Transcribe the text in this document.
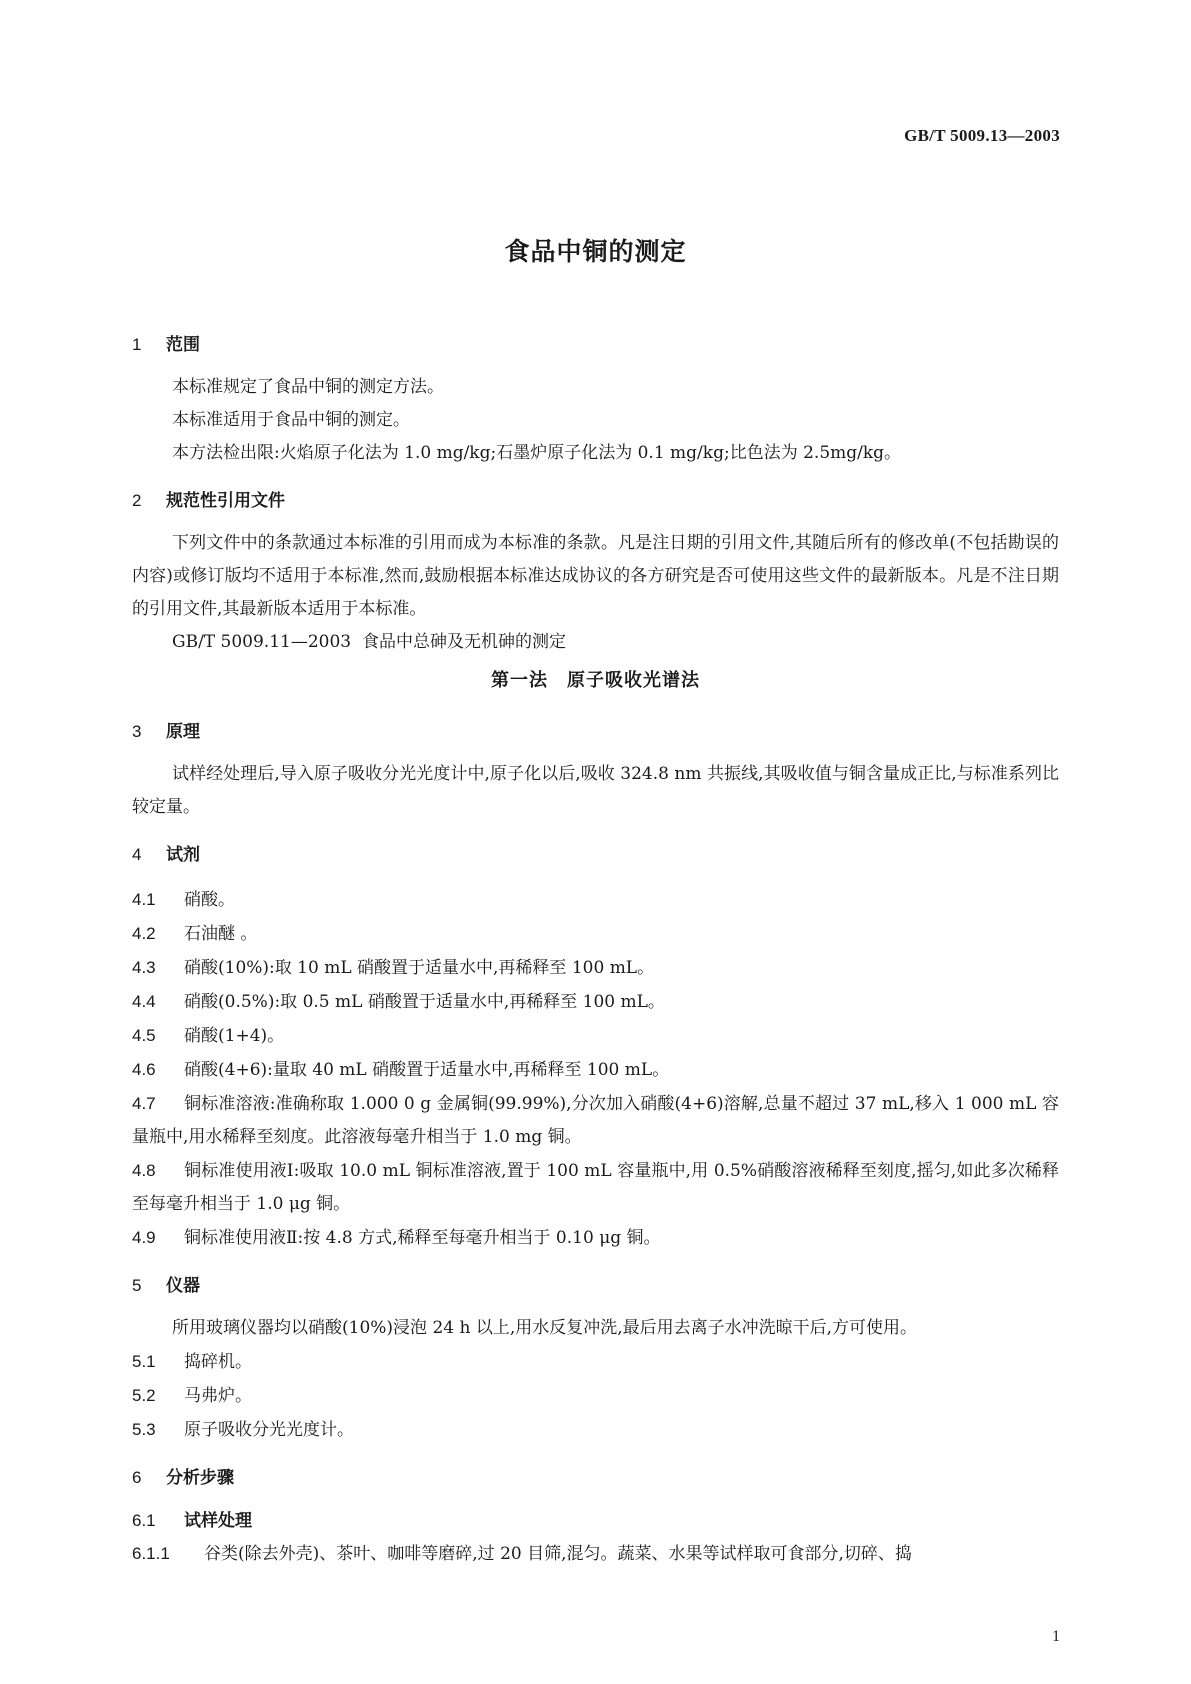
GB/T 5009.13—2003
食品中铜的测定
1 范围

本标准规定了食品中铜的测定方法。

本标准适用于食品中铜的测定。

本方法检出限:火焰原子化法为 1.0 mg/kg;石墨炉原子化法为 0.1 mg/kg;比色法为 2.5mg/kg。

2 规范性引用文件

下列文件中的条款通过本标准的引用而成为本标准的条款。凡是注日期的引用文件,其随后所有的修改单(不包括勘误的内容)或修订版均不适用于本标准,然而,鼓励根据本标准达成协议的各方研究是否可使用这些文件的最新版本。凡是不注日期的引用文件,其最新版本适用于本标准。

GB/T 5009.11—2003 食品中总砷及无机砷的测定

第一法　原子吸收光谱法
3 原理

试样经处理后,导入原子吸收分光光度计中,原子化以后,吸收 324.8 nm 共振线,其吸收值与铜含量成正比,与标准系列比较定量。

4 试剂

4.1 硝酸。

4.2 石油醚 。

4.3 硝酸(10%):取 10 mL 硝酸置于适量水中,再稀释至 100 mL。

4.4 硝酸(0.5%):取 0.5 mL 硝酸置于适量水中,再稀释至 100 mL。

4.5 硝酸(1+4)。

4.6 硝酸(4+6):量取 40 mL 硝酸置于适量水中,再稀释至 100 mL。

4.7 铜标准溶液:准确称取 1.000 0 g 金属铜(99.99%),分次加入硝酸(4+6)溶解,总量不超过 37 mL,移入 1 000 mL 容量瓶中,用水稀释至刻度。此溶液每毫升相当于 1.0 mg 铜。

4.8 铜标准使用液Ⅰ:吸取 10.0 mL 铜标准溶液,置于 100 mL 容量瓶中,用 0.5%硝酸溶液稀释至刻度,摇匀,如此多次稀释至每毫升相当于 1.0 μg 铜。

4.9 铜标准使用液Ⅱ:按 4.8 方式,稀释至每毫升相当于 0.10 μg 铜。

5 仪器

所用玻璃仪器均以硝酸(10%)浸泡 24 h 以上,用水反复冲洗,最后用去离子水冲洗晾干后,方可使用。

5.1 捣碎机。

5.2 马弗炉。

5.3 原子吸收分光光度计。

6 分析步骤
6.1 试样处理

6.1.1 谷类(除去外壳)、茶叶、咖啡等磨碎,过 20 目筛,混匀。蔬菜、水果等试样取可食部分,切碎、捣

1
